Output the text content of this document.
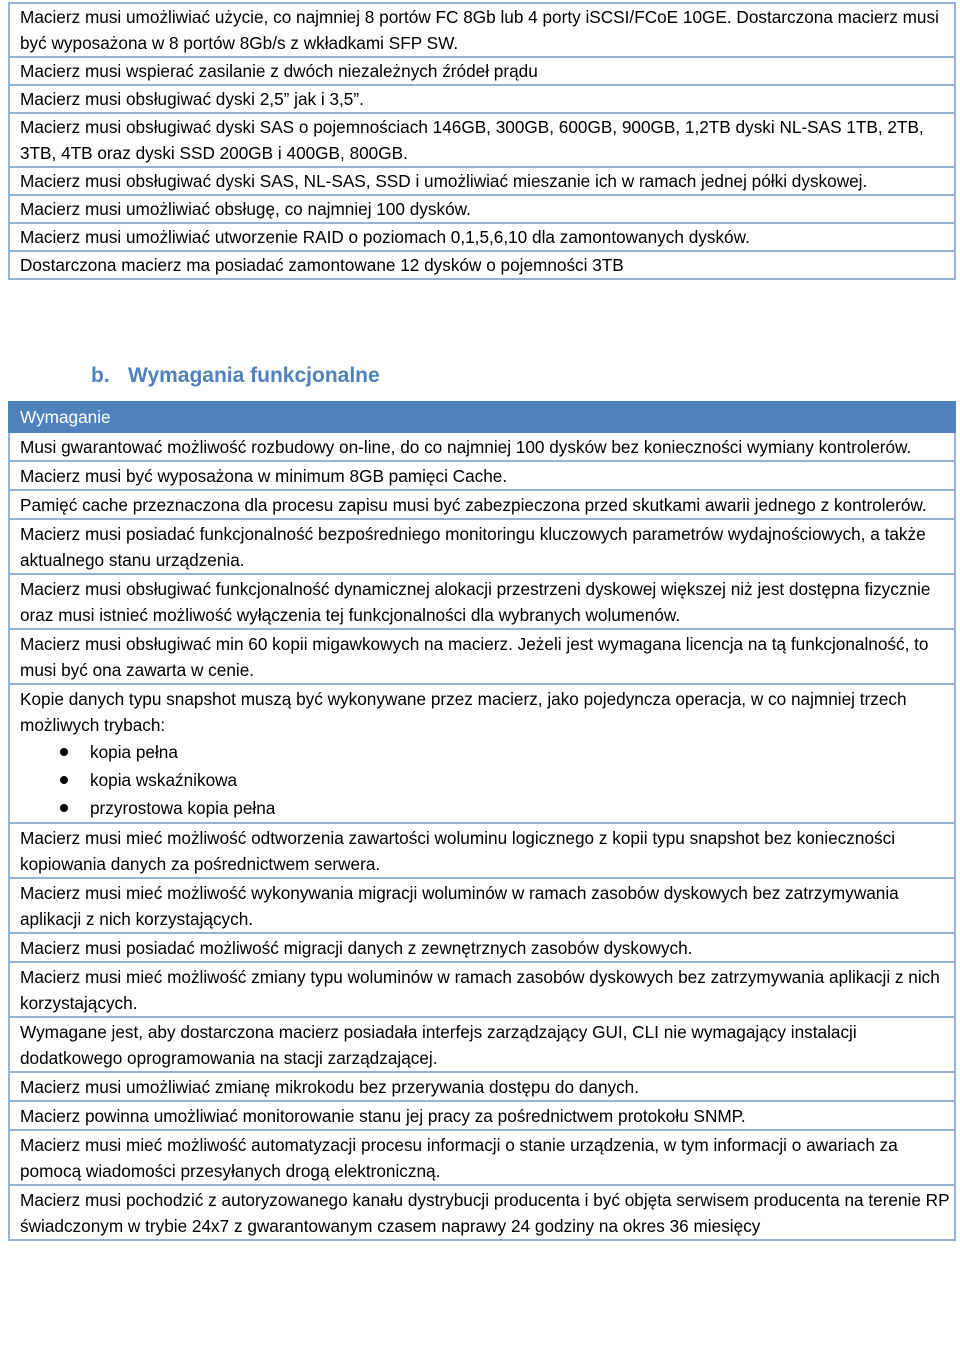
Macierz musi umożliwiać użycie, co najmniej 8 portów FC 8Gb lub 4 porty iSCSI/FCoE 10GE. Dostarczona macierz musi być wyposażona w 8 portów 8Gb/s z wkładkami SFP SW.
Macierz musi wspierać zasilanie z dwóch niezależnych źródeł prądu
Macierz musi obsługiwać dyski 2,5” jak i 3,5”.
Macierz musi obsługiwać dyski SAS o pojemnościach 146GB, 300GB, 600GB, 900GB, 1,2TB dyski NL-SAS 1TB, 2TB, 3TB, 4TB oraz dyski SSD 200GB i 400GB, 800GB.
Macierz musi obsługiwać dyski SAS, NL-SAS, SSD i umożliwiać mieszanie ich w ramach jednej półki dyskowej.
Macierz musi umożliwiać obsługę, co najmniej 100 dysków.
Macierz musi umożliwiać utworzenie RAID o poziomach 0,1,5,6,10 dla zamontowanych dysków.
Dostarczona macierz ma posiadać zamontowane 12 dysków o pojemności 3TB
b. Wymagania funkcjonalne
Wymaganie
Musi gwarantować możliwość rozbudowy on-line, do co najmniej 100 dysków bez konieczności wymiany kontrolerów.
Macierz musi być wyposażona w minimum 8GB pamięci Cache.
Pamięć cache przeznaczona dla procesu zapisu musi być zabezpieczona przed skutkami awarii jednego z kontrolerów.
Macierz musi posiadać funkcjonalność bezpośredniego monitoringu kluczowych parametrów wydajnościowych, a także aktualnego stanu urządzenia.
Macierz musi obsługiwać funkcjonalność dynamicznej alokacji przestrzeni dyskowej większej niż jest dostępna fizycznie oraz musi istnieć możliwość wyłączenia tej funkcjonalności dla wybranych wolumenów.
Macierz musi obsługiwać min 60 kopii migawkowych na macierz. Jeżeli jest wymagana licencja na tą funkcjonalność, to musi być ona zawarta w cenie.

Kopie danych typu snapshot muszą być wykonywane przez macierz, jako pojedyncza operacja, w co najmniej trzech możliwych trybach:
kopia pełna
kopia wskaźnikowa
przyrostowa kopia pełna

Macierz musi mieć możliwość odtworzenia zawartości woluminu logicznego z kopii typu snapshot bez konieczności kopiowania danych za pośrednictwem serwera.
Macierz musi mieć możliwość wykonywania migracji woluminów w ramach zasobów dyskowych bez zatrzymywania aplikacji z nich korzystających.
Macierz musi posiadać możliwość migracji danych z zewnętrznych zasobów dyskowych.
Macierz musi mieć możliwość zmiany typu woluminów w ramach zasobów dyskowych bez zatrzymywania aplikacji z nich korzystających.
Wymagane jest, aby dostarczona macierz posiadała interfejs zarządzający GUI, CLI nie wymagający instalacji dodatkowego oprogramowania na stacji zarządzającej.
Macierz musi umożliwiać zmianę mikrokodu bez przerywania dostępu do danych.
Macierz powinna umożliwiać monitorowanie stanu jej pracy za pośrednictwem protokołu SNMP.
Macierz musi mieć możliwość automatyzacji procesu informacji o stanie urządzenia, w tym informacji o awariach za pomocą wiadomości przesyłanych drogą elektroniczną.
Macierz musi pochodzić z autoryzowanego kanału dystrybucji producenta i być objęta serwisem producenta na terenie RP świadczonym w trybie 24x7 z gwarantowanym czasem naprawy 24 godziny na okres 36 miesięcy
